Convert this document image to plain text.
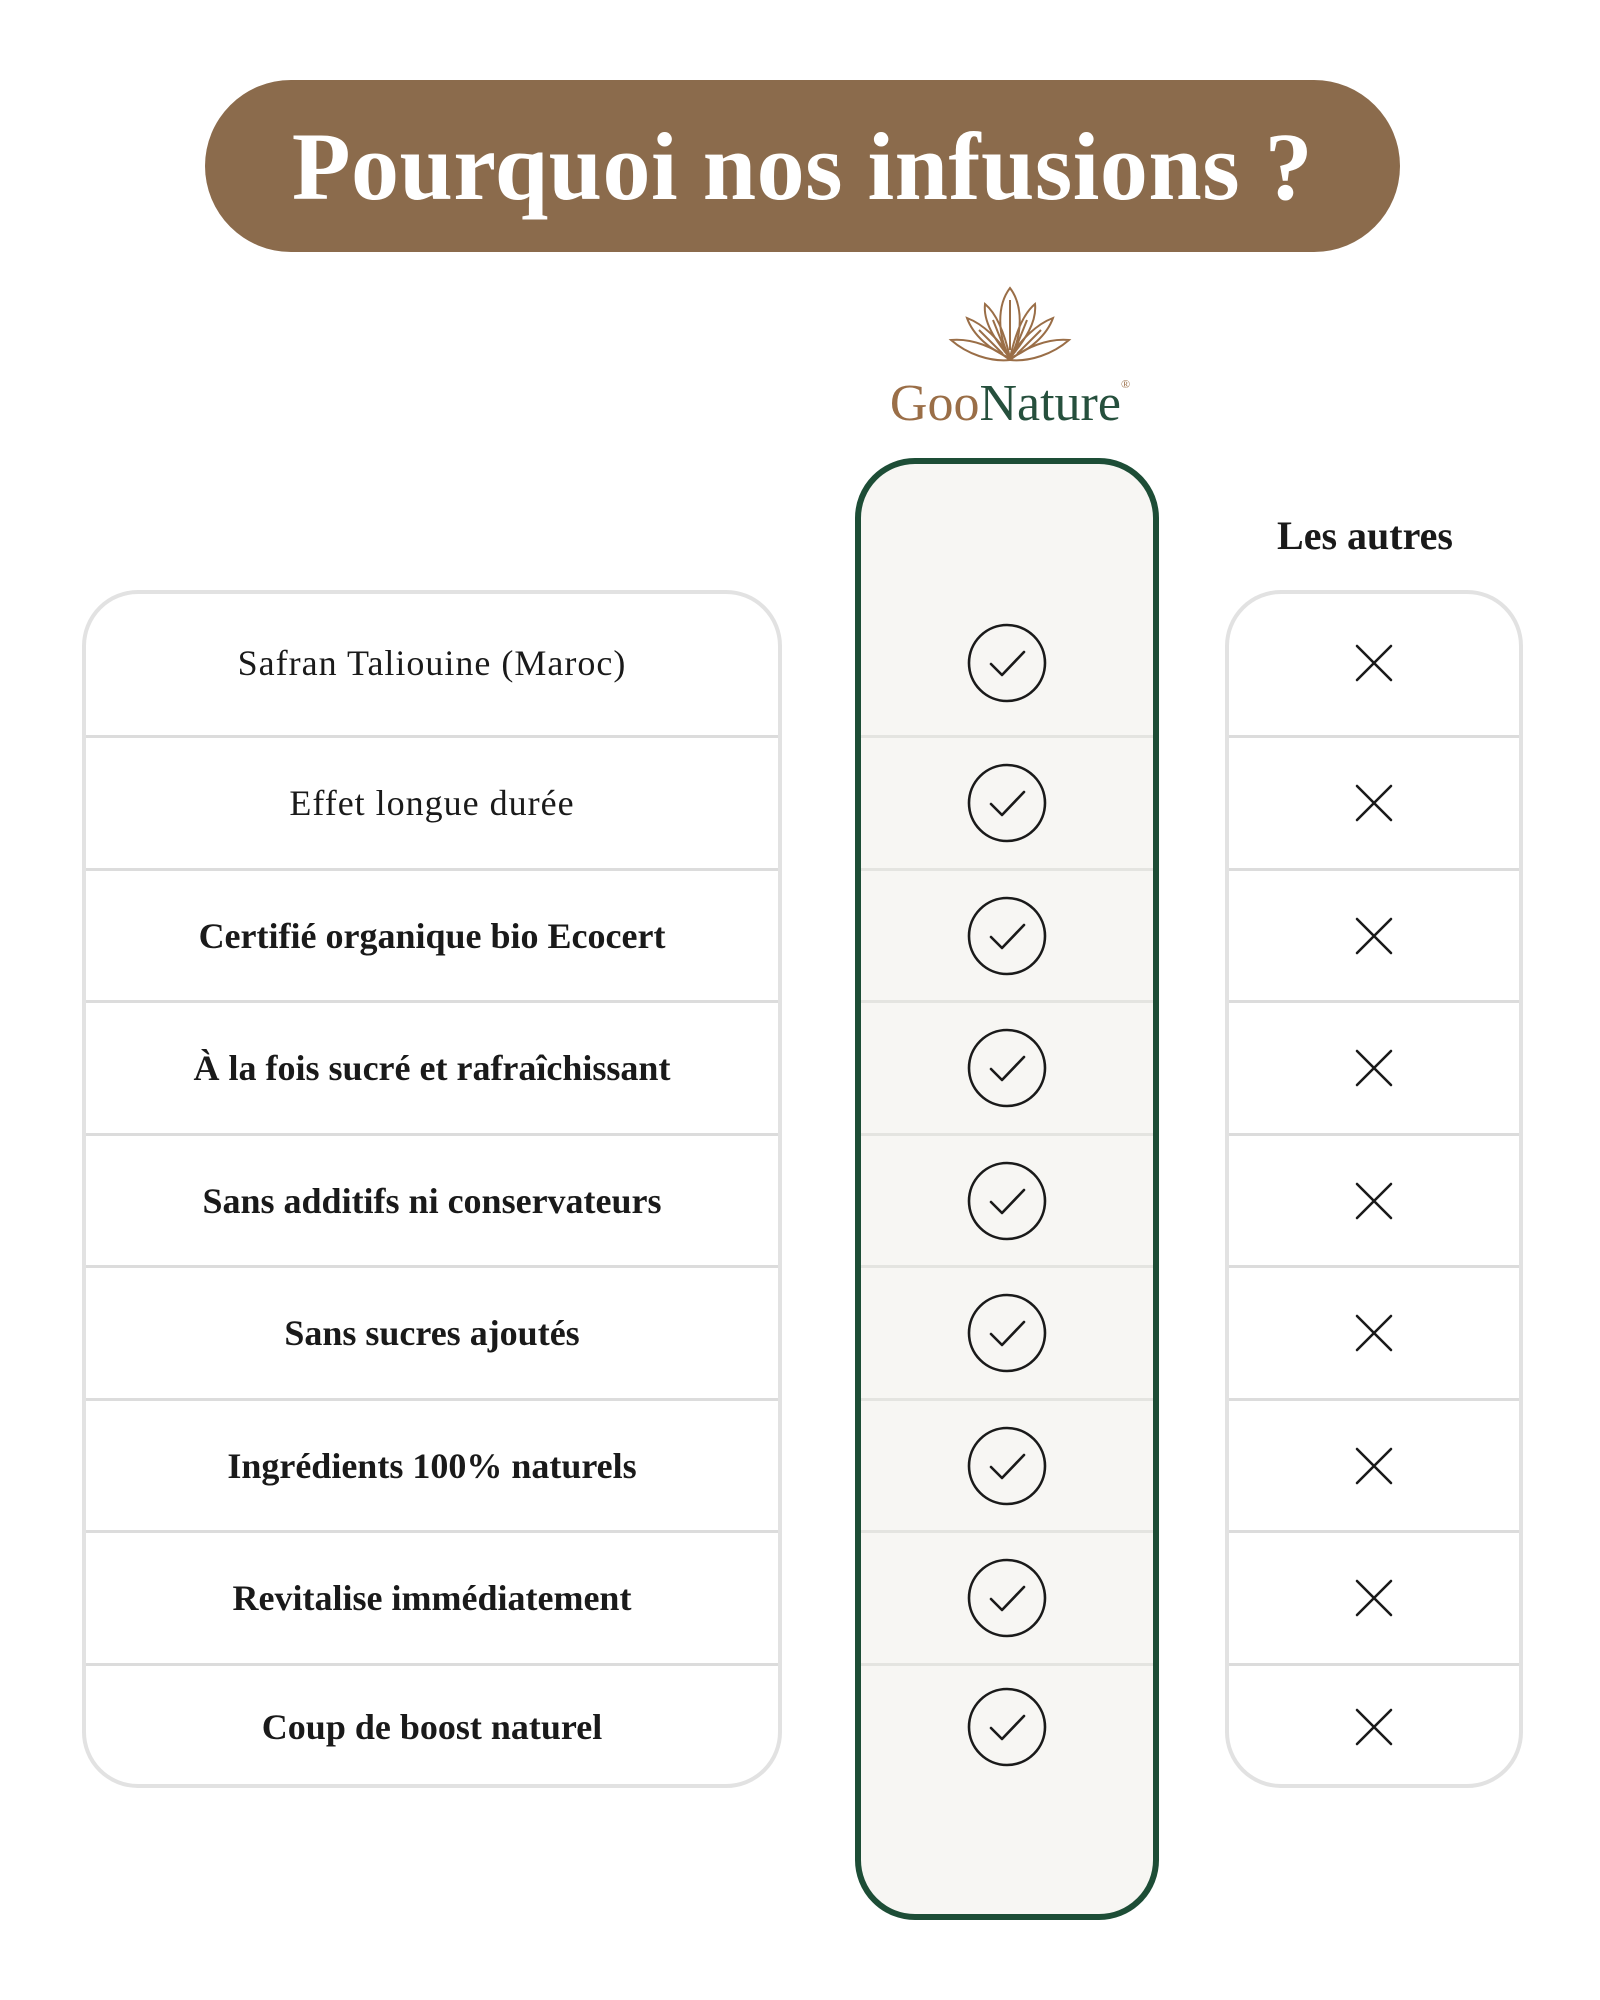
Pourquoi nos infusions ?
GooNature®
Les autres
Safran Taliouine (Maroc)
Effet longue durée
Certifié organique bio Ecocert
À la fois sucré et rafraîchissant
Sans additifs ni conservateurs
Sans sucres ajoutés
Ingrédients 100% naturels
Revitalise immédiatement
Coup de boost naturel
